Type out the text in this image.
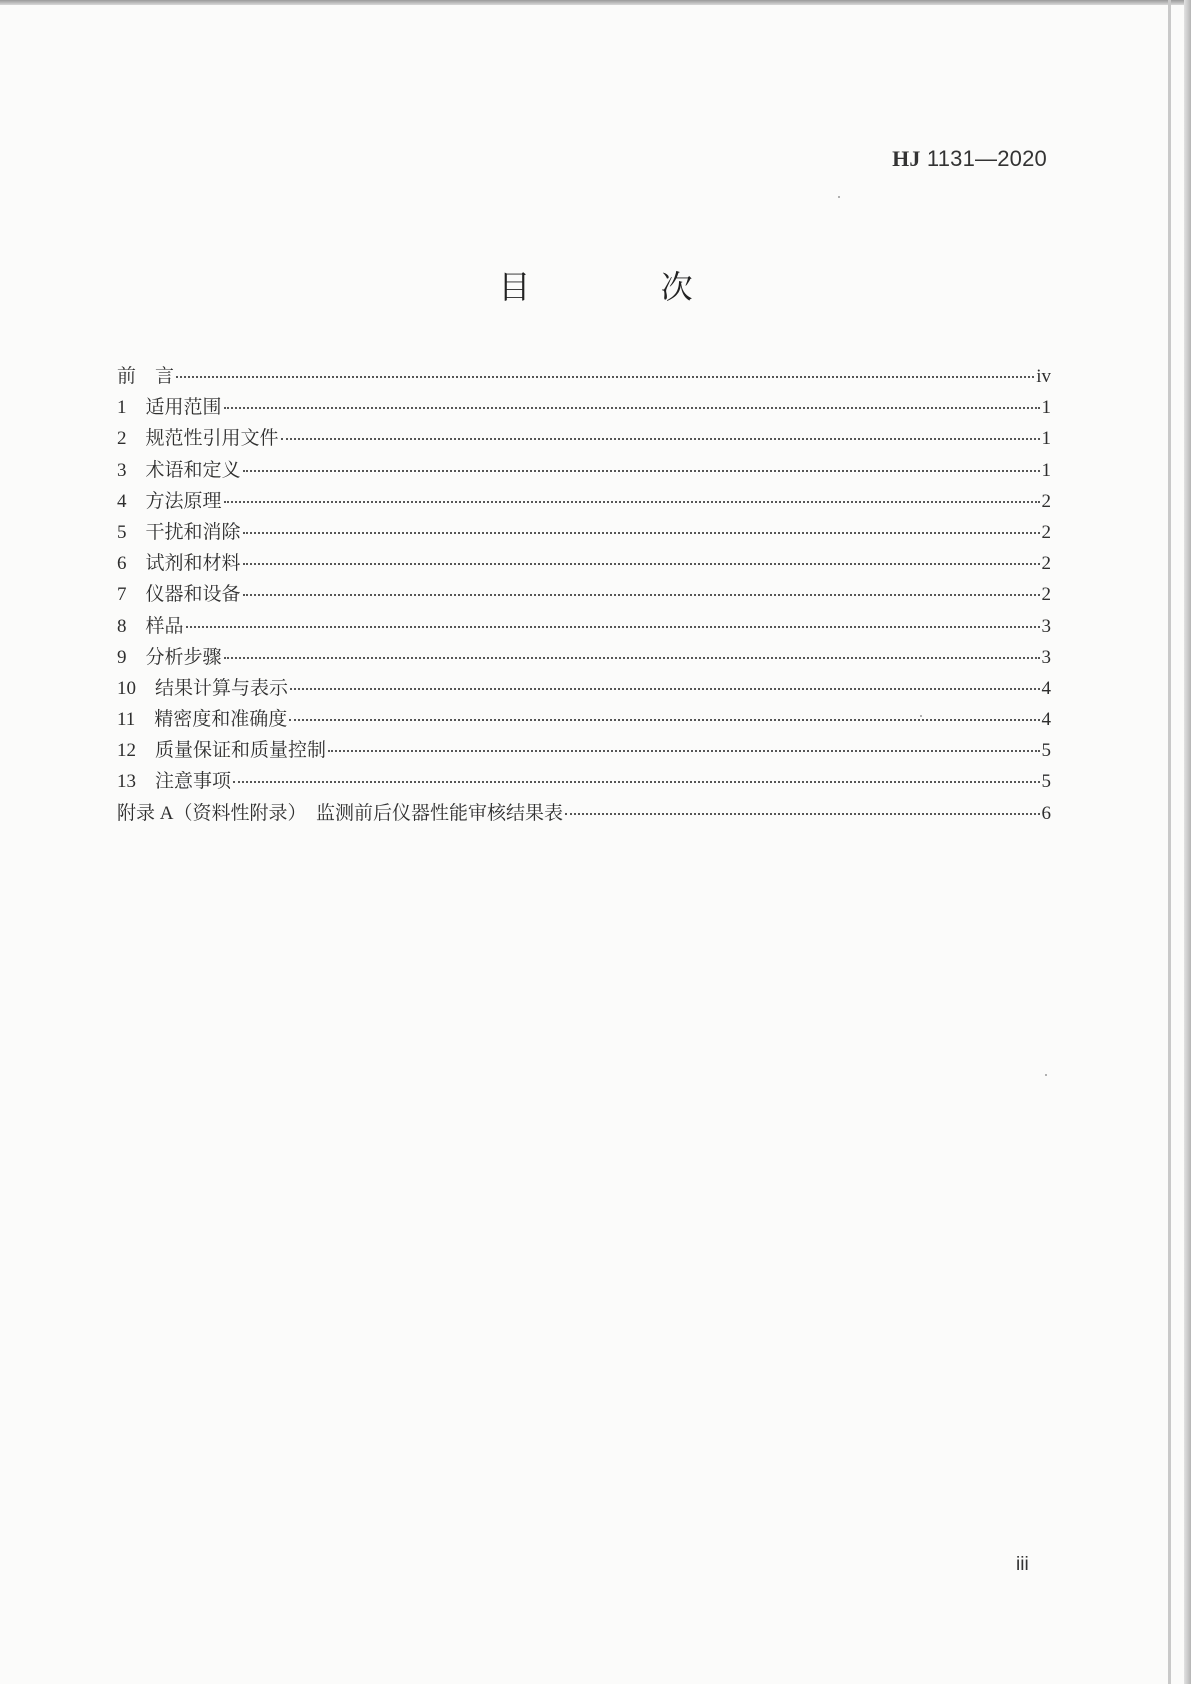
HJ 1131—2020
目 次
前　言	iv
1　适用范围	1
2　规范性引用文件	1
3　术语和定义	1
4　方法原理	2
5　干扰和消除	2
6　试剂和材料	2
7　仪器和设备	2
8　样品	3
9　分析步骤	3
10　结果计算与表示	4
11　精密度和准确度	4
12　质量保证和质量控制	5
13　注意事项	5
附录 A（资料性附录）　监测前后仪器性能审核结果表	6
iii
